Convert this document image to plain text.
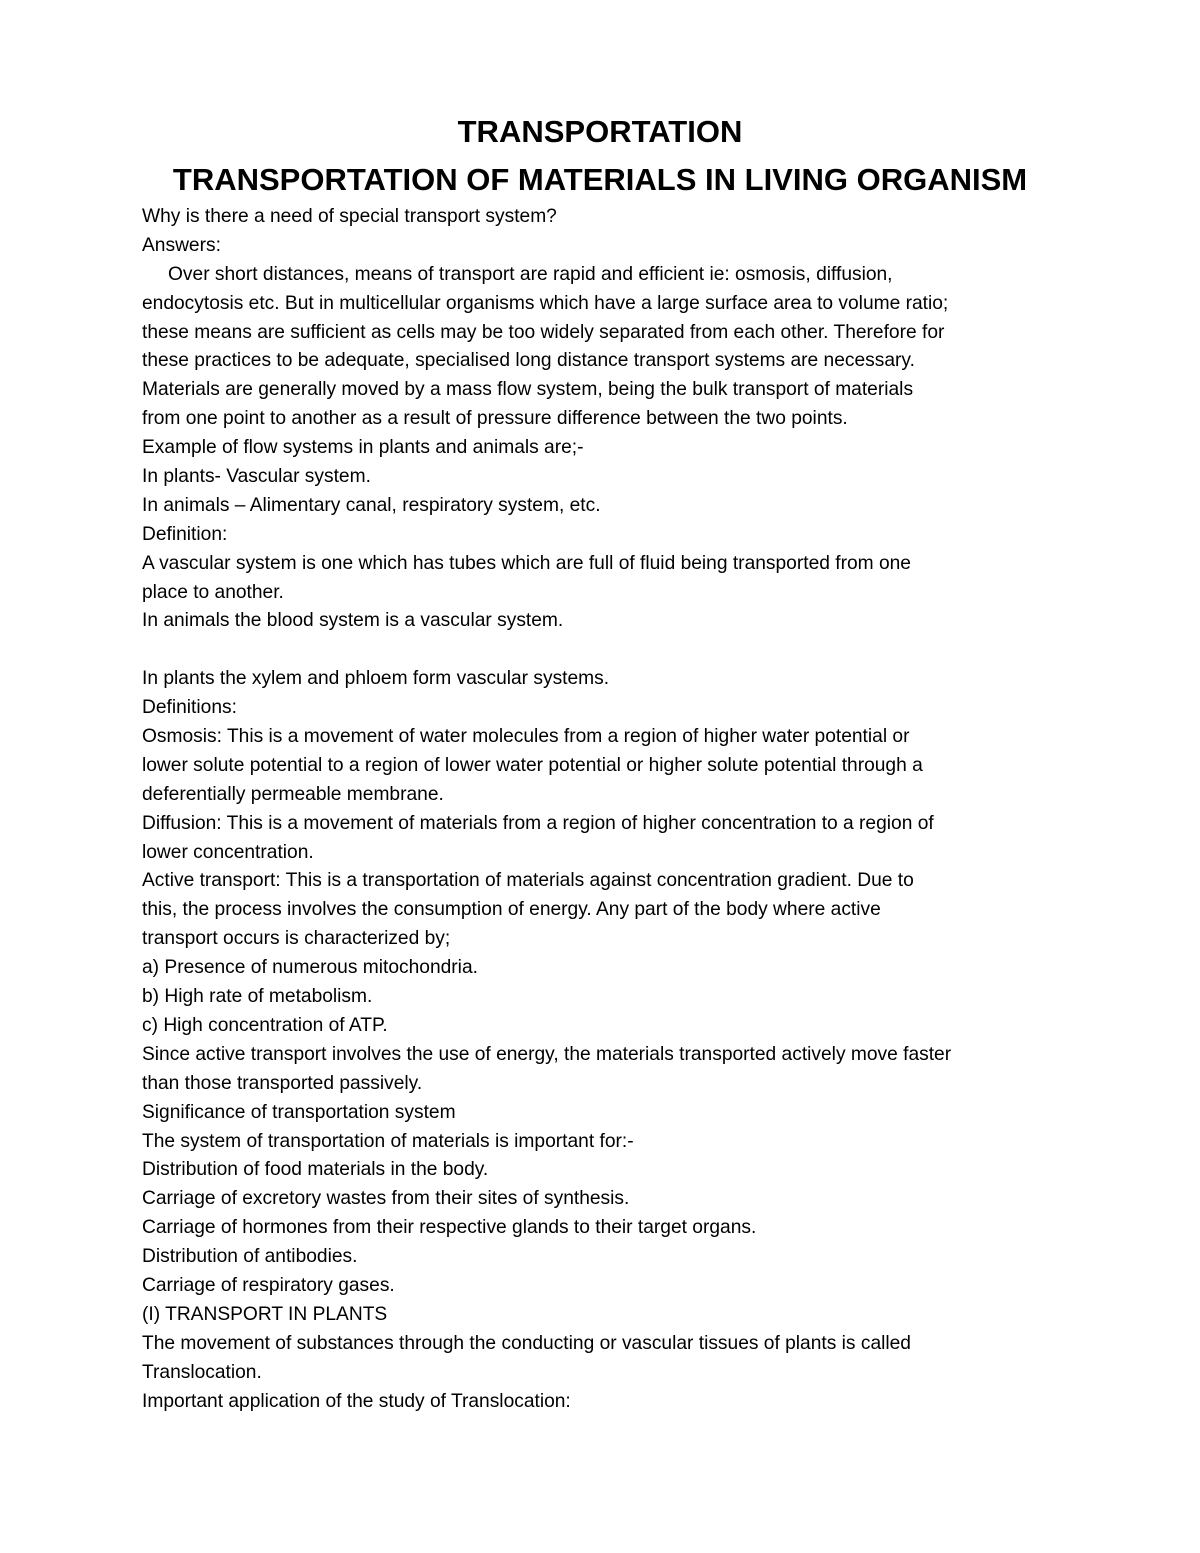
TRANSPORTATION
TRANSPORTATION OF MATERIALS IN LIVING ORGANISM
Why is there a need of special transport system?
Answers:
Over short distances, means of transport are rapid and efficient ie: osmosis, diffusion,
endocytosis etc. But in multicellular organisms which have a large surface area to volume ratio;
these means are sufficient as cells may be too widely separated from each other. Therefore for
these practices to be adequate, specialised long distance transport systems are necessary.
Materials are generally moved by a mass flow system, being the bulk transport of materials
from one point to another as a result of pressure difference between the two points.
Example of flow systems in plants and animals are;-
In plants- Vascular system.
In animals – Alimentary canal, respiratory system, etc.
Definition:
A vascular system is one which has tubes which are full of fluid being transported from one
place to another.
In animals the blood system is a vascular system.
In plants the xylem and phloem form vascular systems.
Definitions:
Osmosis: This is a movement of water molecules from a region of higher water potential or
lower solute potential to a region of lower water potential or higher solute potential through a
deferentially permeable membrane.
Diffusion: This is a movement of materials from a region of higher concentration to a region of
lower concentration.
Active transport: This is a transportation of materials against concentration gradient. Due to
this, the process involves the consumption of energy. Any part of the body where active
transport occurs is characterized by;
a) Presence of numerous mitochondria.
b) High rate of metabolism.
c) High concentration of ATP.
Since active transport involves the use of energy, the materials transported actively move faster
than those transported passively.
Significance of transportation system
The system of transportation of materials is important for:-
Distribution of food materials in the body.
Carriage of excretory wastes from their sites of synthesis.
Carriage of hormones from their respective glands to their target organs.
Distribution of antibodies.
Carriage of respiratory gases.
(I) TRANSPORT IN PLANTS
The movement of substances through the conducting or vascular tissues of plants is called
Translocation.
Important application of the study of Translocation:
